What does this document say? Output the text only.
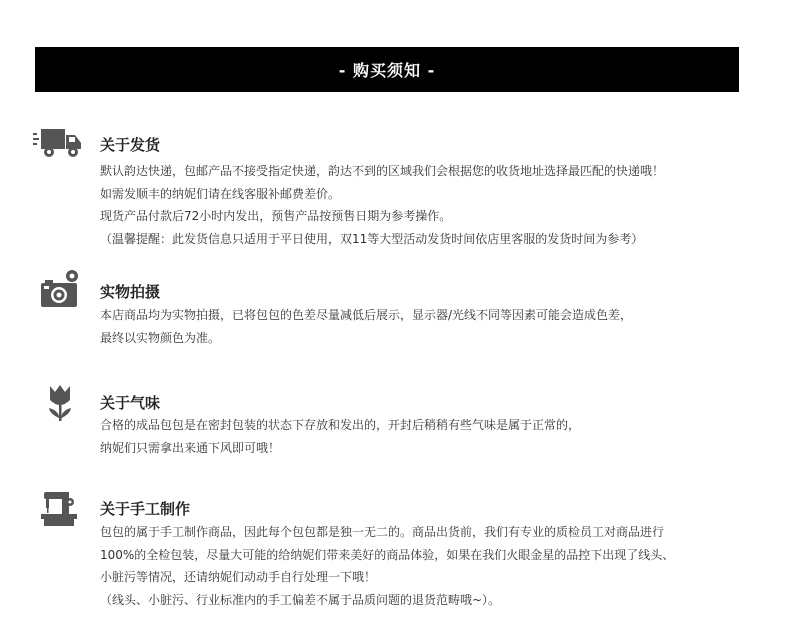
- 购买须知 -
关于发货
默认韵达快递，包邮产品不接受指定快递，韵达不到的区域我们会根据您的收货地址选择最匹配的快递哦！
如需发顺丰的纳妮们请在线客服补邮费差价。
现货产品付款后72小时内发出，预售产品按预售日期为参考操作。
（温馨提醒：此发货信息只适用于平日使用，双11等大型活动发货时间依店里客服的发货时间为参考）
实物拍摄
本店商品均为实物拍摄，已将包包的色差尽量减低后展示，显示器/光线不同等因素可能会造成色差，
最终以实物颜色为准。
关于气味
合格的成品包包是在密封包装的状态下存放和发出的，开封后稍稍有些气味是属于正常的，
纳妮们只需拿出来通下风即可哦！
关于手工制作
包包的属于手工制作商品，因此每个包包都是独一无二的。商品出货前，我们有专业的质检员工对商品进行
100%的全检包装，尽量大可能的给纳妮们带来美好的商品体验，如果在我们火眼金星的品控下出现了线头、
小脏污等情况，还请纳妮们动动手自行处理一下哦！
（线头、小脏污、行业标准内的手工偏差不属于品质问题的退货范畴哦~）。
